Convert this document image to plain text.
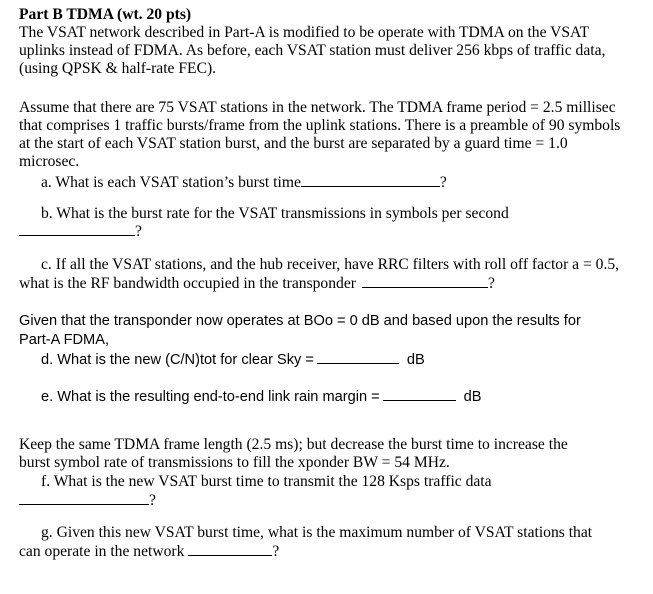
Part B TDMA (wt. 20 pts)
The VSAT network described in Part-A is modified to be operate with TDMA on the VSAT
uplinks instead of FDMA. As before, each VSAT station must deliver 256 kbps of traffic data,
(using QPSK & half-rate FEC).
Assume that there are 75 VSAT stations in the network. The TDMA frame period = 2.5 millisec
that comprises 1 traffic bursts/frame from the uplink stations. There is a preamble of 90 symbols
at the start of each VSAT station burst, and the burst are separated by a guard time = 1.0
microsec.
a. What is each VSAT station’s burst time	?
b. What is the burst rate for the VSAT transmissions in symbols per second
?
c. If all the VSAT stations, and the hub receiver, have RRC filters with roll off factor a = 0.5,
what is the RF bandwidth occupied in the transponder	?
Given that the transponder now operates at BOo = 0 dB and based upon the results for
Part-A FDMA,
d. What is the new (C/N)tot for clear Sky =	dB
e. What is the resulting end-to-end link rain margin =	dB
Keep the same TDMA frame length (2.5 ms); but decrease the burst time to increase the
burst symbol rate of transmissions to fill the xponder BW = 54 MHz.
f. What is the new VSAT burst time to transmit the 128 Ksps traffic data
?
g. Given this new VSAT burst time, what is the maximum number of VSAT stations that
can operate in the network	?
